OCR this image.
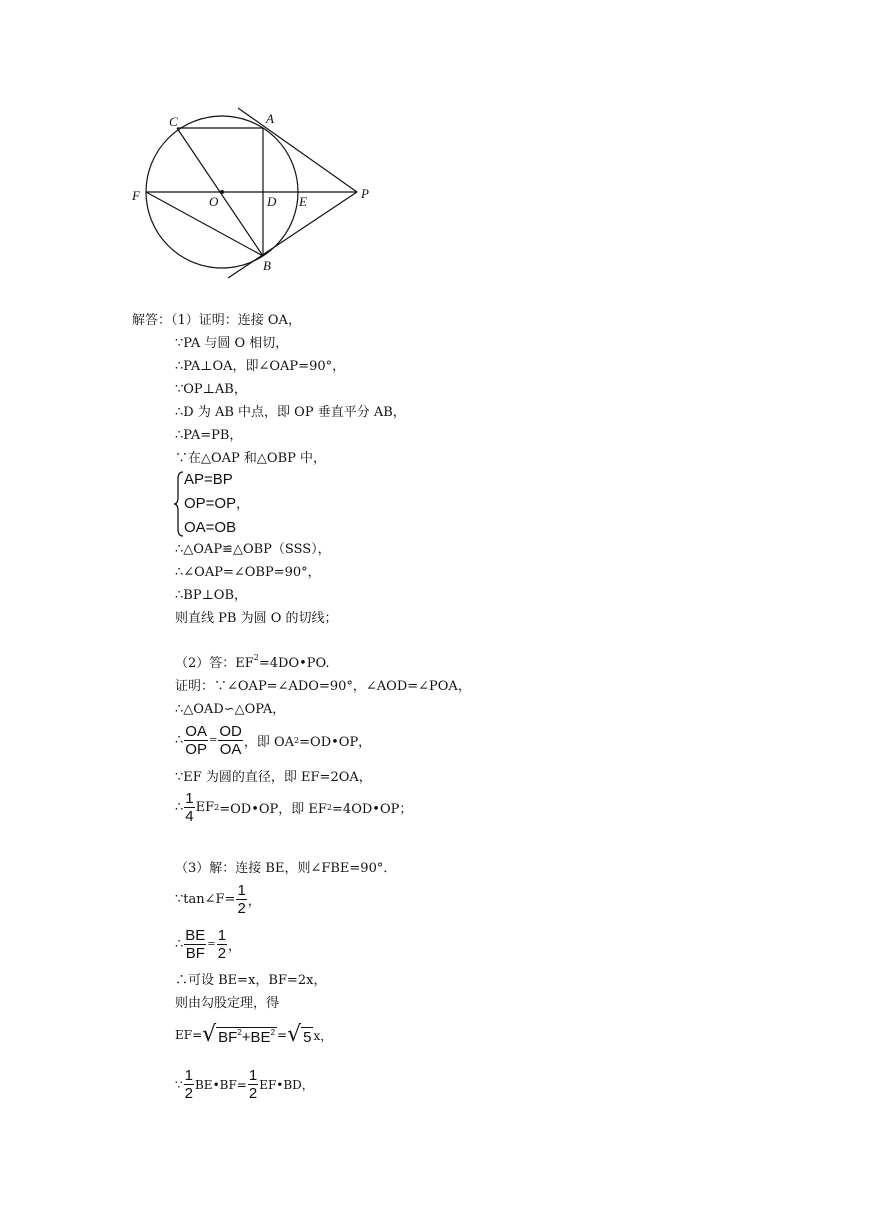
C	A
F	O	D E
P
B
解答：（1）证明：连接 OA，
∵PA 与圆 O 相切，
∴PA⊥OA，即∠OAP=90°，
∵OP⊥AB，
∴D 为 AB 中点，即 OP 垂直平分 AB，
∴PA=PB，
∵在△OAP 和△OBP 中，
AP=BP
OP=OP，
OA=OB
∴△OAP≌△OBP（SSS），
∴∠OAP=∠OBP=90°，
∴BP⊥OB，
则直线 PB 为圆 O 的切线；
（2）答：$EF^2=4DO•PO$.
证明：∵∠OAP=∠ADO=90°，∠AOD=∠POA，
∴△OAD∽△OPA，
∴ $\frac{OA}{OP} = \frac{OD}{OA}$ ，即 OA 2 =OD•OP，
∵EF 为圆的直径，即 EF=2OA，
∴ $\frac{1}{4}$ EF 2 =OD•OP，即 EF 2 =4OD•OP；
（3）解：连接 BE，则∠FBE=90°．
∵tan∠F= $\frac{1}{2}$ ，
∴ $\frac{BE}{BF} = \frac{1}{2}$ ，
∴可设 BE=x，BF=2x，
则由勾股定理，得
EF= √ $BF^2+BE^2$ = √ 5 x，
∵ $\frac{1}{2}$ BE•BF= $\frac{1}{2}$ EF•BD，
